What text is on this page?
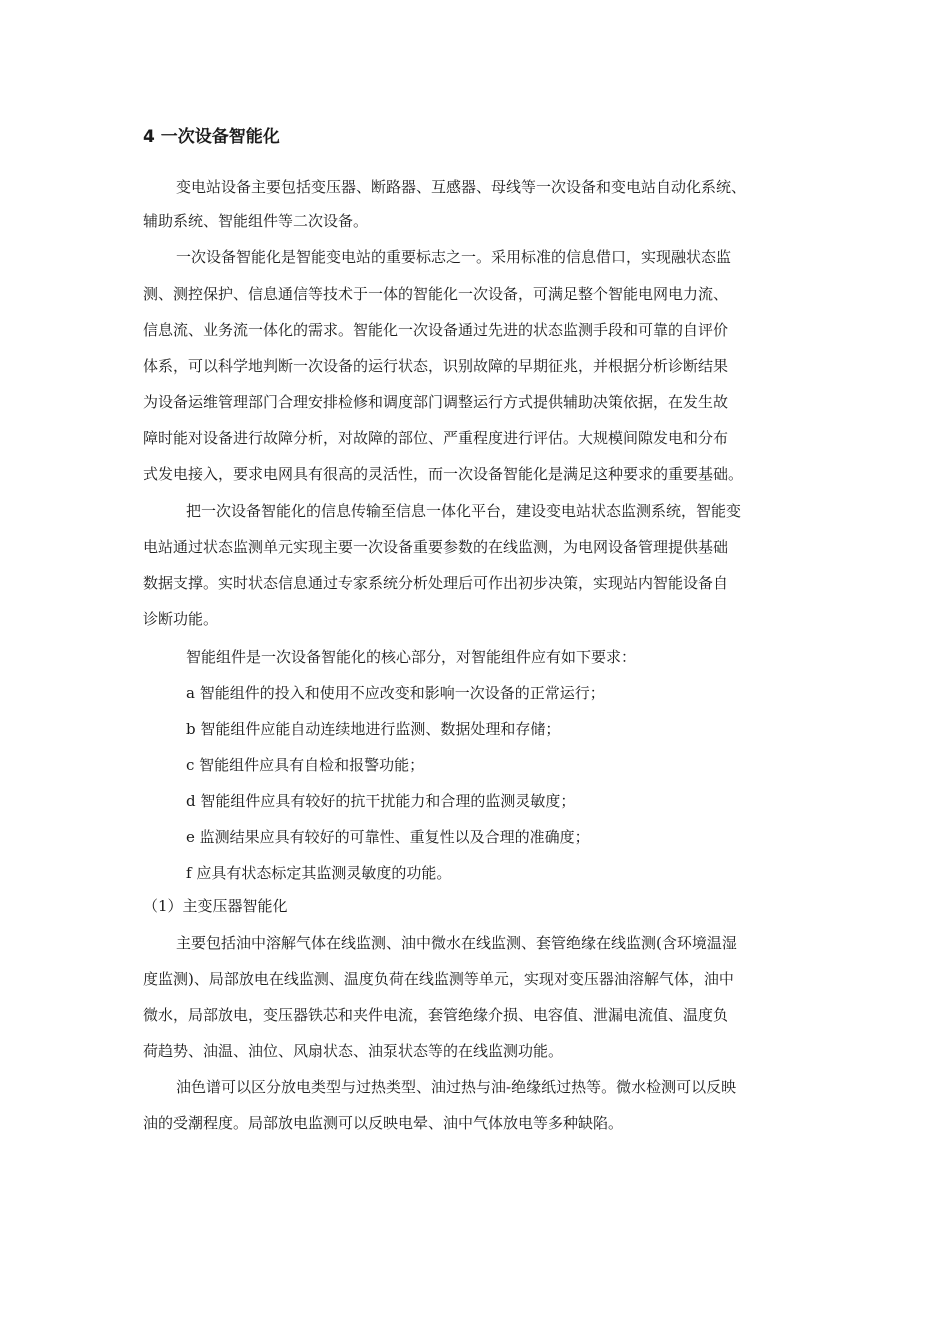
4 一次设备智能化
变电站设备主要包括变压器、断路器、互感器、母线等一次设备和变电站自动化系统、
辅助系统、智能组件等二次设备。
一次设备智能化是智能变电站的重要标志之一。采用标准的信息借口，实现融状态监
测、测控保护、信息通信等技术于一体的智能化一次设备，可满足整个智能电网电力流、
信息流、业务流一体化的需求。智能化一次设备通过先进的状态监测手段和可靠的自评价
体系，可以科学地判断一次设备的运行状态，识别故障的早期征兆，并根据分析诊断结果
为设备运维管理部门合理安排检修和调度部门调整运行方式提供辅助决策依据，在发生故
障时能对设备进行故障分析，对故障的部位、严重程度进行评估。大规模间隙发电和分布
式发电接入，要求电网具有很高的灵活性，而一次设备智能化是满足这种要求的重要基础。
把一次设备智能化的信息传输至信息一体化平台，建设变电站状态监测系统，智能变
电站通过状态监测单元实现主要一次设备重要参数的在线监测，为电网设备管理提供基础
数据支撑。实时状态信息通过专家系统分析处理后可作出初步决策，实现站内智能设备自
诊断功能。
智能组件是一次设备智能化的核心部分，对智能组件应有如下要求：
a 智能组件的投入和使用不应改变和影响一次设备的正常运行；
b 智能组件应能自动连续地进行监测、数据处理和存储；
c 智能组件应具有自检和报警功能；
d 智能组件应具有较好的抗干扰能力和合理的监测灵敏度；
e 监测结果应具有较好的可靠性、重复性以及合理的准确度；
f 应具有状态标定其监测灵敏度的功能。
（1）主变压器智能化
主要包括油中溶解气体在线监测、油中微水在线监测、套管绝缘在线监测(含环境温湿
度监测)、局部放电在线监测、温度负荷在线监测等单元，实现对变压器油溶解气体，油中
微水，局部放电，变压器铁芯和夹件电流，套管绝缘介损、电容值、泄漏电流值、温度负
荷趋势、油温、油位、风扇状态、油泵状态等的在线监测功能。
油色谱可以区分放电类型与过热类型、油过热与油-绝缘纸过热等。微水检测可以反映
油的受潮程度。局部放电监测可以反映电晕、油中气体放电等多种缺陷。
